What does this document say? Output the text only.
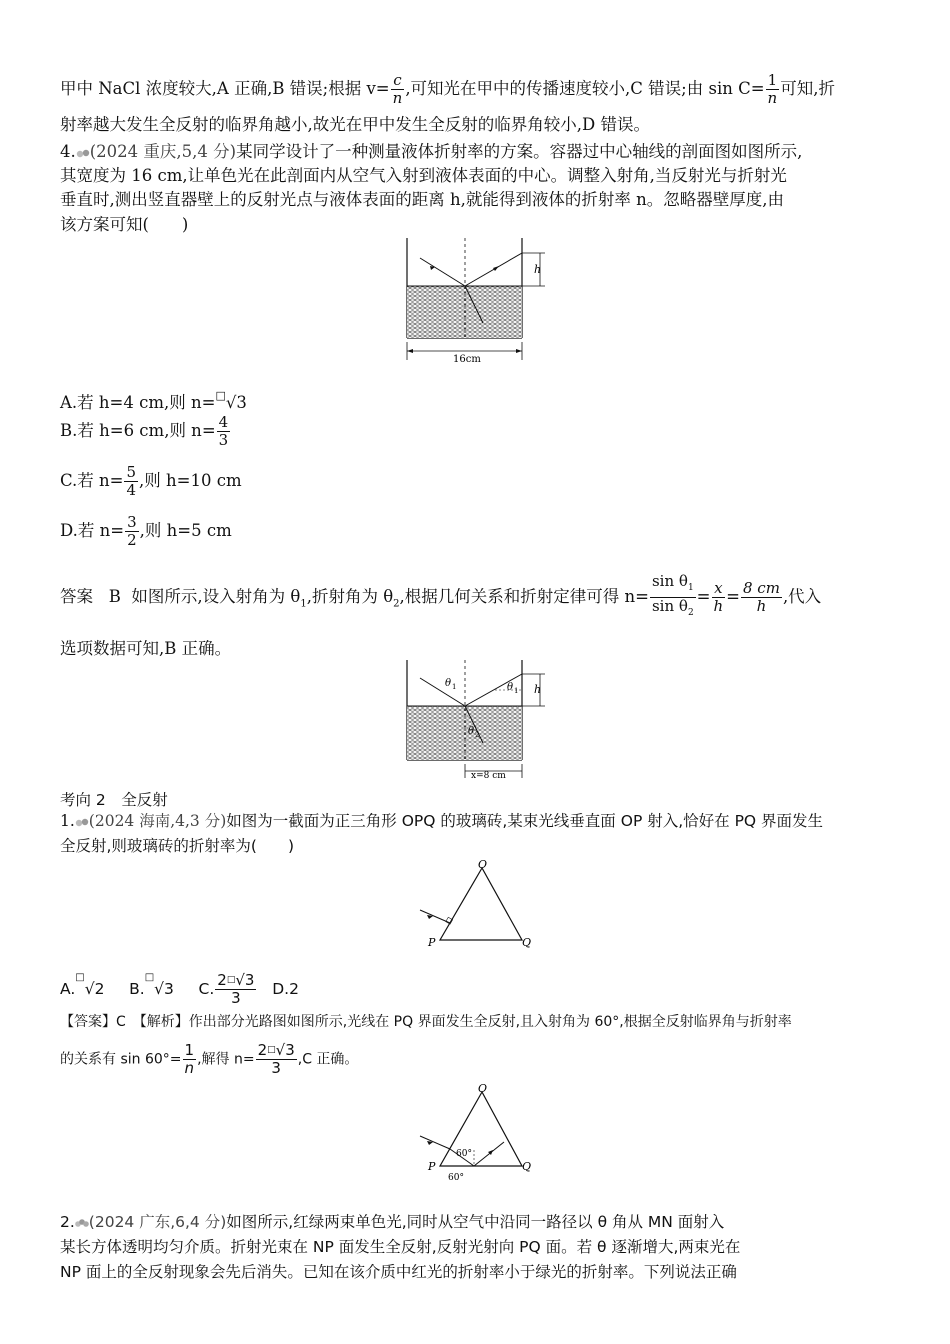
甲中 NaCl 浓度较大,A 正确,B 错误;根据 $v= \frac{c}{n}$ ,可知光在甲中的传播速度较小,C 错误;由 $\sin C= \frac{1}{n}$ 可知,折
射率越大发生全反射的临界角越小,故光在甲中发生全反射的临界角较小,D 错误。
4. (2024 重庆,5,4 分)某同学设计了一种测量液体折射率的方案。容器过中心轴线的剖面图如图所示,
其宽度为 16 cm,让单色光在此剖面内从空气入射到液体表面的中心。调整入射角,当反射光与折射光
垂直时,测出竖直器壁上的反射光点与液体表面的距离 h,就能得到液体的折射率 n。忽略器壁厚度,由
该方案可知(　　)
h
16cm
A.若 h=4 cm,则 n=□√3
B.若 h=6 cm,则 $n= \frac{4}{3}$
C.若 $n= \frac{5}{4}$ ,则 h=10 cm
D.若 $n= \frac{3}{2}$ ,则 h=5 cm
答案 B 如图所示,设入射角为 $\theta_1$,折射角为 $\theta_2$,根据几何关系和折射定律可得 $n= \frac{\sin \theta_1}{\sin \theta_2} = \frac{x}{h} = \frac{8 cm}{h}$ ,代入
选项数据可知,B 正确。
θ 1	θ 1
θ 2
h
x=8 cm
考向 2　全反射
1. (2024 海南,4,3 分)如图为一截面为正三角形 OPQ 的玻璃砖,某束光线垂直面 OP 射入,恰好在 PQ 界面发生
全反射,则玻璃砖的折射率为(　　)
O
P	Q
A.□√2 B.□√3 C. $\frac{2^□√3}{3} D.2$
【答案】C　【解析】作出部分光路图如图所示,光线在 PQ 界面发生全反射,且入射角为 60°,根据全反射临界角与折射率
的关系有 $\sin 60^\circ= \frac{1}{n}$ ,解得 $n= \frac{2^□√3}{3} ,C$ 正确。
O
P	Q
60°
60°
2. (2024 广东,6,4 分)如图所示,红绿两束单色光,同时从空气中沿同一路径以 θ 角从 MN 面射入
某长方体透明均匀介质。折射光束在 NP 面发生全反射,反射光射向 PQ 面。若 θ 逐渐增大,两束光在
NP 面上的全反射现象会先后消失。已知在该介质中红光的折射率小于绿光的折射率。下列说法正确
